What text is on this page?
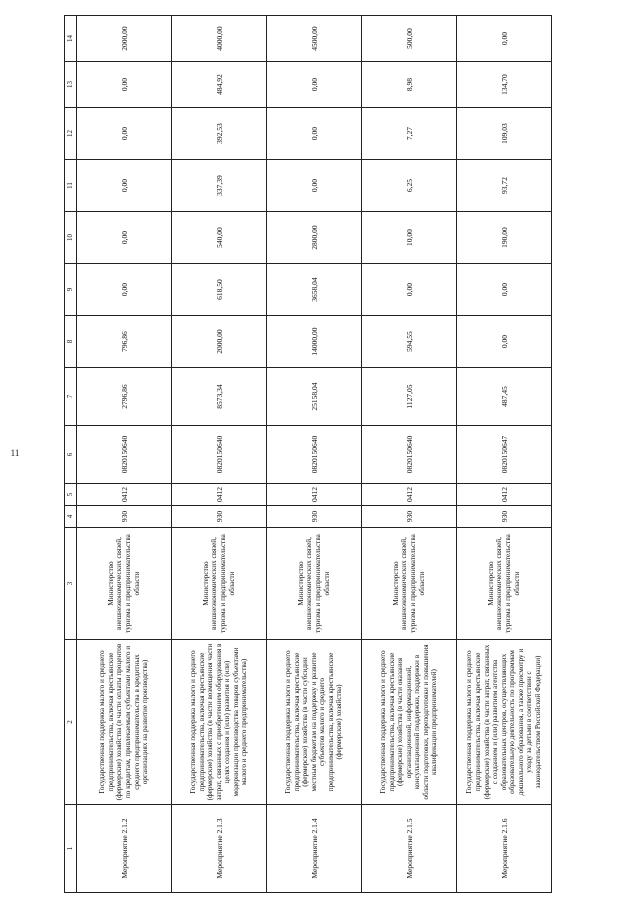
11
1	2	3	4	5	6	7	8	9	10	11	12	13	14
Мероприятие 2.1.2	Государственная поддержка малого и среднего предпринимательства, включая крестьянские (фермерские) хозяйства (в части оплаты процентов по кредитам, привлекаемым субъектами малого и среднего предпринимательства в кредитных организациях на развитие производства)	Министерство внешнеэкономических связей, туризма и предпринимательства области	930	0412	0820150640	2796,86	796,86	0,00	0,00	0,00	0,00	0,00	2000,00
Мероприятие 2.1.3	Государственная поддержка малого и среднего предпринимательства, включая крестьянские (фермерские) хозяйства (в части возмещения части затрат, связанных с приобретением оборудования в целях создания и (или) развития и (или) модернизации производства товаров субъектами малого и среднего предпринимательства)	Министерство внешнеэкономических связей, туризма и предпринимательства области	930	0412	0820150640	8573,34	2000,00	618,50	540,00	337,39	392,53	484,92	4000,00
Мероприятие 2.1.4	Государственная поддержка малого и среднего предпринимательства, включая крестьянские (фермерские) хозяйства (в части субсидии местным бюджетам на поддержку и развитие субъектов малого и среднего предпринимательства, включая крестьянские (фермерские) хозяйства)	Министерство внешнеэкономических связей, туризма и предпринимательства области	930	0412	0820150640	25158,04	14000,00	3658,04	2800,00	0,00	0,00	0,00	4500,00
Мероприятие 2.1.5	Государственная поддержка малого и среднего предпринимательства, включая крестьянские (фермерские) хозяйства (в части оказания организационной, информационной, консультационной поддержки, поддержки в области подготовки, переподготовки и повышения квалификации предпринимателей)	Министерство внешнеэкономических связей, туризма и предпринимательства области	930	0412	0820150640	1127,05	594,55	0,00	10,00	6,25	7,27	8,98	500,00
Мероприятие 2.1.6	Государственная поддержка малого и среднего предпринимательства, включая крестьянские (фермерские) хозяйства (в части затрат, связанных с созданием и (или) развитием агентства образовательных центров, осуществляющих образовательную деятельность по программам дошкольного образования, а также присмотру и уходу за детьми в соответствии с законодательством Российской Федерации)	Министерство внешнеэкономических связей, туризма и предпринимательства области	930	0412	0820150647	487,45	0,00	0,00	190,00	93,72	109,03	134,70	0,00
